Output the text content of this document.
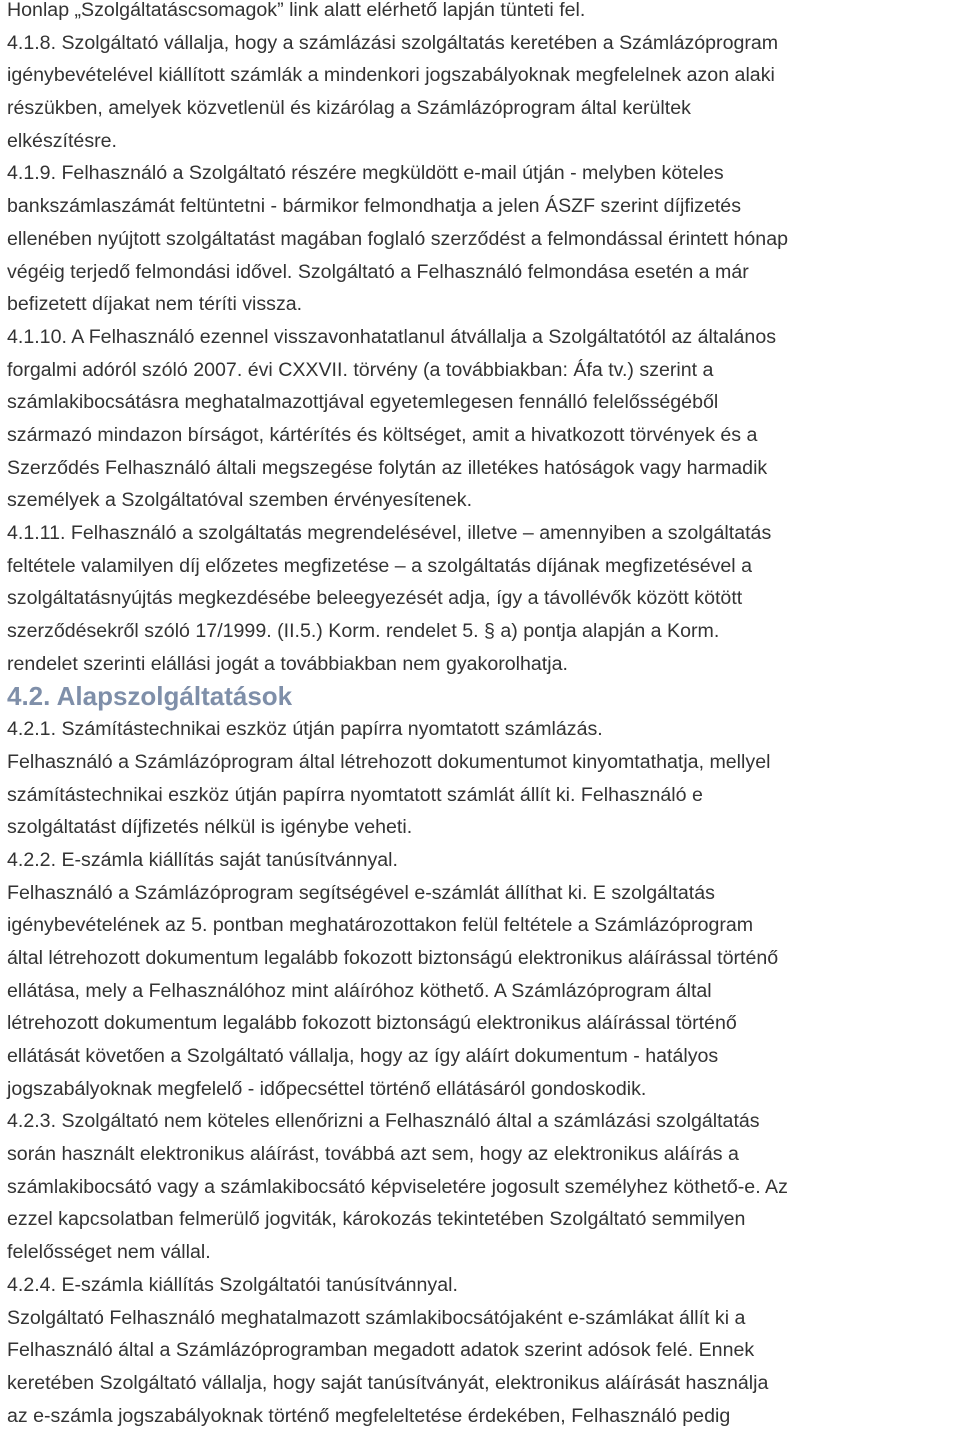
Honlap „Szolgáltatáscsomagok” link alatt elérhető lapján tünteti fel.
4.1.8. Szolgáltató vállalja, hogy a számlázási szolgáltatás keretében a Számlázóprogram
igénybevételével kiállított számlák a mindenkori jogszabályoknak megfelelnek azon alaki
részükben, amelyek közvetlenül és kizárólag a Számlázóprogram által kerültek
elkészítésre.
4.1.9. Felhasználó a Szolgáltató részére megküldött e-mail útján - melyben köteles
bankszámlaszámát feltüntetni - bármikor felmondhatja a jelen ÁSZF szerint díjfizetés
ellenében nyújtott szolgáltatást magában foglaló szerződést a felmondással érintett hónap
végéig terjedő felmondási idővel. Szolgáltató a Felhasználó felmondása esetén a már
befizetett díjakat nem téríti vissza.
4.1.10. A Felhasználó ezennel visszavonhatatlanul átvállalja a Szolgáltatótól az általános
forgalmi adóról szóló 2007. évi CXXVII. törvény (a továbbiakban: Áfa tv.) szerint a
számlakibocsátásra meghatalmazottjával egyetemlegesen fennálló felelősségéből
származó mindazon bírságot, kártérítés és költséget, amit a hivatkozott törvények és a
Szerződés Felhasználó általi megszegése folytán az illetékes hatóságok vagy harmadik
személyek a Szolgáltatóval szemben érvényesítenek.
4.1.11. Felhasználó a szolgáltatás megrendelésével, illetve – amennyiben a szolgáltatás
feltétele valamilyen díj előzetes megfizetése – a szolgáltatás díjának megfizetésével a
szolgáltatásnyújtás megkezdésébe beleegyezését adja, így a távollévők között kötött
szerződésekről szóló 17/1999. (II.5.) Korm. rendelet 5. § a) pontja alapján a Korm.
rendelet szerinti elállási jogát a továbbiakban nem gyakorolhatja.
4.2. Alapszolgáltatások
4.2.1. Számítástechnikai eszköz útján papírra nyomtatott számlázás.
Felhasználó a Számlázóprogram által létrehozott dokumentumot kinyomtathatja, mellyel
számítástechnikai eszköz útján papírra nyomtatott számlát állít ki. Felhasználó e
szolgáltatást díjfizetés nélkül is igénybe veheti.
4.2.2. E-számla kiállítás saját tanúsítvánnyal.
Felhasználó a Számlázóprogram segítségével e-számlát állíthat ki. E szolgáltatás
igénybevételének az 5. pontban meghatározottakon felül feltétele a Számlázóprogram
által létrehozott dokumentum legalább fokozott biztonságú elektronikus aláírással történő
ellátása, mely a Felhasználóhoz mint aláíróhoz köthető. A Számlázóprogram által
létrehozott dokumentum legalább fokozott biztonságú elektronikus aláírással történő
ellátását követően a Szolgáltató vállalja, hogy az így aláírt dokumentum - hatályos
jogszabályoknak megfelelő - időpecséttel történő ellátásáról gondoskodik.
4.2.3. Szolgáltató nem köteles ellenőrizni a Felhasználó által a számlázási szolgáltatás
során használt elektronikus aláírást, továbbá azt sem, hogy az elektronikus aláírás a
számlakibocsátó vagy a számlakibocsátó képviseletére jogosult személyhez köthető-e. Az
ezzel kapcsolatban felmerülő jogviták, károkozás tekintetében Szolgáltató semmilyen
felelősséget nem vállal.
4.2.4. E-számla kiállítás Szolgáltatói tanúsítvánnyal.
Szolgáltató Felhasználó meghatalmazott számlakibocsátójaként e-számlákat állít ki a
Felhasználó által a Számlázóprogramban megadott adatok szerint adósok felé. Ennek
keretében Szolgáltató vállalja, hogy saját tanúsítványát, elektronikus aláírását használja
az e-számla jogszabályoknak történő megfeleltetése érdekében, Felhasználó pedig
